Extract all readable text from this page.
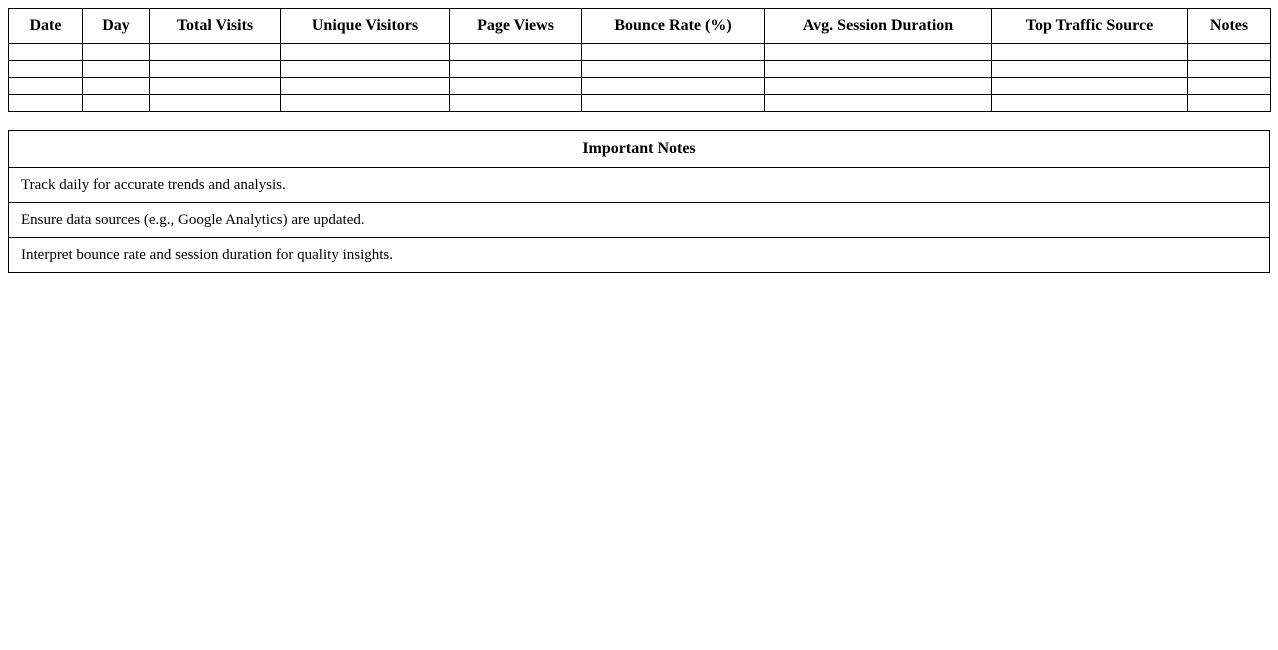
Date	Day	Total Visits	Unique Visitors	Page Views	Bounce Rate (%)	Avg. Session Duration	Top Traffic Source	Notes

Important Notes
Track daily for accurate trends and analysis.
Ensure data sources (e.g., Google Analytics) are updated.
Interpret bounce rate and session duration for quality insights.
